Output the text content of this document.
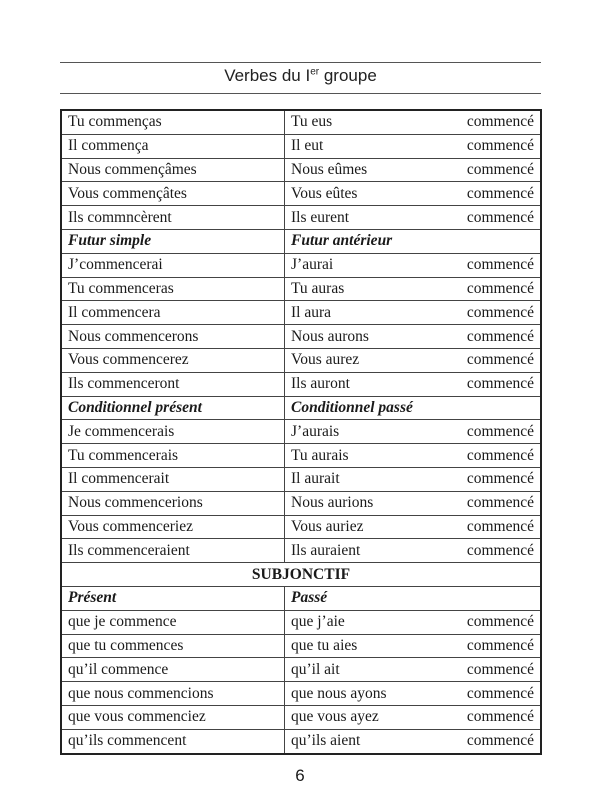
Verbes du Ier groupe
Tu commenças	Tu eus	commencé
Il commença	Il eut	commencé
Nous commençâmes	Nous eûmes	commencé
Vous commençâtes	Vous eûtes	commencé
Ils commncèrent	Ils eurent	commencé
Futur simple	Futur antérieur	
J’commencerai	J’aurai	commencé
Tu commenceras	Tu auras	commencé
Il commencera	Il aura	commencé
Nous commencerons	Nous aurons	commencé
Vous commencerez	Vous aurez	commencé
Ils commenceront	Ils auront	commencé
Conditionnel présent	Conditionnel passé	
Je commencerais	J’aurais	commencé
Tu commencerais	Tu aurais	commencé
Il commencerait	Il aurait	commencé
Nous commencerions	Nous aurions	commencé
Vous commenceriez	Vous auriez	commencé
Ils commenceraient	Ils auraient	commencé
SUBJONCTIF		
Présent	Passé	
que je commence	que j’aie	commencé
que tu commences	que tu aies	commencé
qu’il commence	qu’il ait	commencé
que nous commencions	que nous ayons	commencé
que vous commenciez	que vous ayez	commencé
qu’ils commencent	qu’ils aient	commencé
6
